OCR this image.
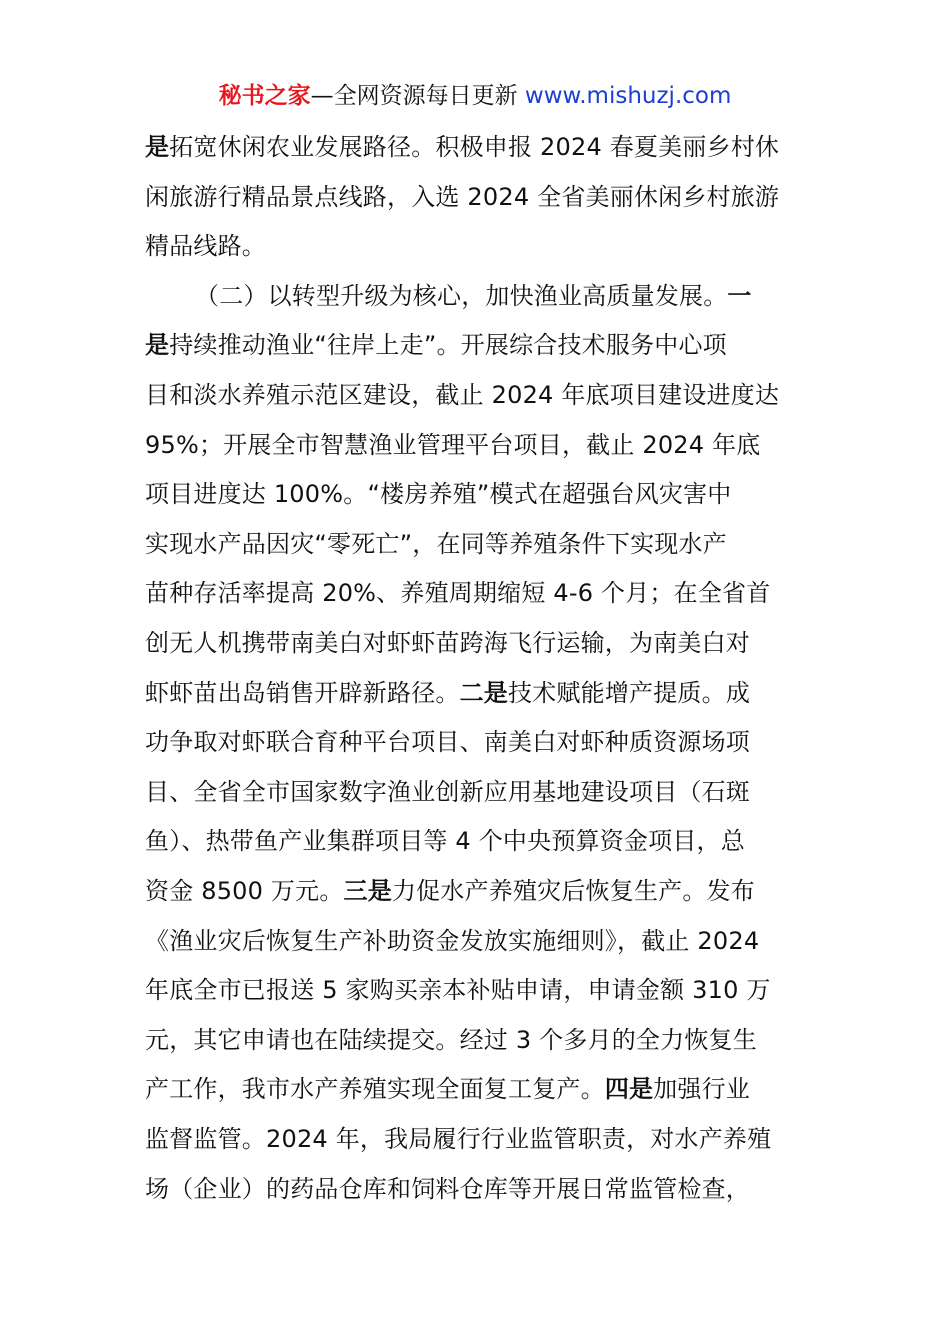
秘书之家—全网资源每日更新 www.mishuzj.com
是拓宽休闲农业发展路径。积极申报 2024 春夏美丽乡村休
闲旅游行精品景点线路，入选 2024 全省美丽休闲乡村旅游
精品线路。
（二）以转型升级为核心，加快渔业高质量发展。一
是持续推动渔业“往岸上走”。开展综合技术服务中心项
目和淡水养殖示范区建设，截止 2024 年底项目建设进度达
95%；开展全市智慧渔业管理平台项目，截止 2024 年底
项目进度达 100%。“楼房养殖”模式在超强台风灾害中
实现水产品因灾“零死亡”，在同等养殖条件下实现水产
苗种存活率提高 20%、养殖周期缩短 4-6 个月；在全省首
创无人机携带南美白对虾虾苗跨海飞行运输，为南美白对
虾虾苗出岛销售开辟新路径。二是技术赋能增产提质。成
功争取对虾联合育种平台项目、南美白对虾种质资源场项
目、全省全市国家数字渔业创新应用基地建设项目（石斑
鱼）、热带鱼产业集群项目等 4 个中央预算资金项目，总
资金 8500 万元。三是力促水产养殖灾后恢复生产。发布
《渔业灾后恢复生产补助资金发放实施细则》，截止 2024
年底全市已报送 5 家购买亲本补贴申请，申请金额 310 万
元，其它申请也在陆续提交。经过 3 个多月的全力恢复生
产工作，我市水产养殖实现全面复工复产。四是加强行业
监督监管。2024 年，我局履行行业监管职责，对水产养殖
场（企业）的药品仓库和饲料仓库等开展日常监管检查，
